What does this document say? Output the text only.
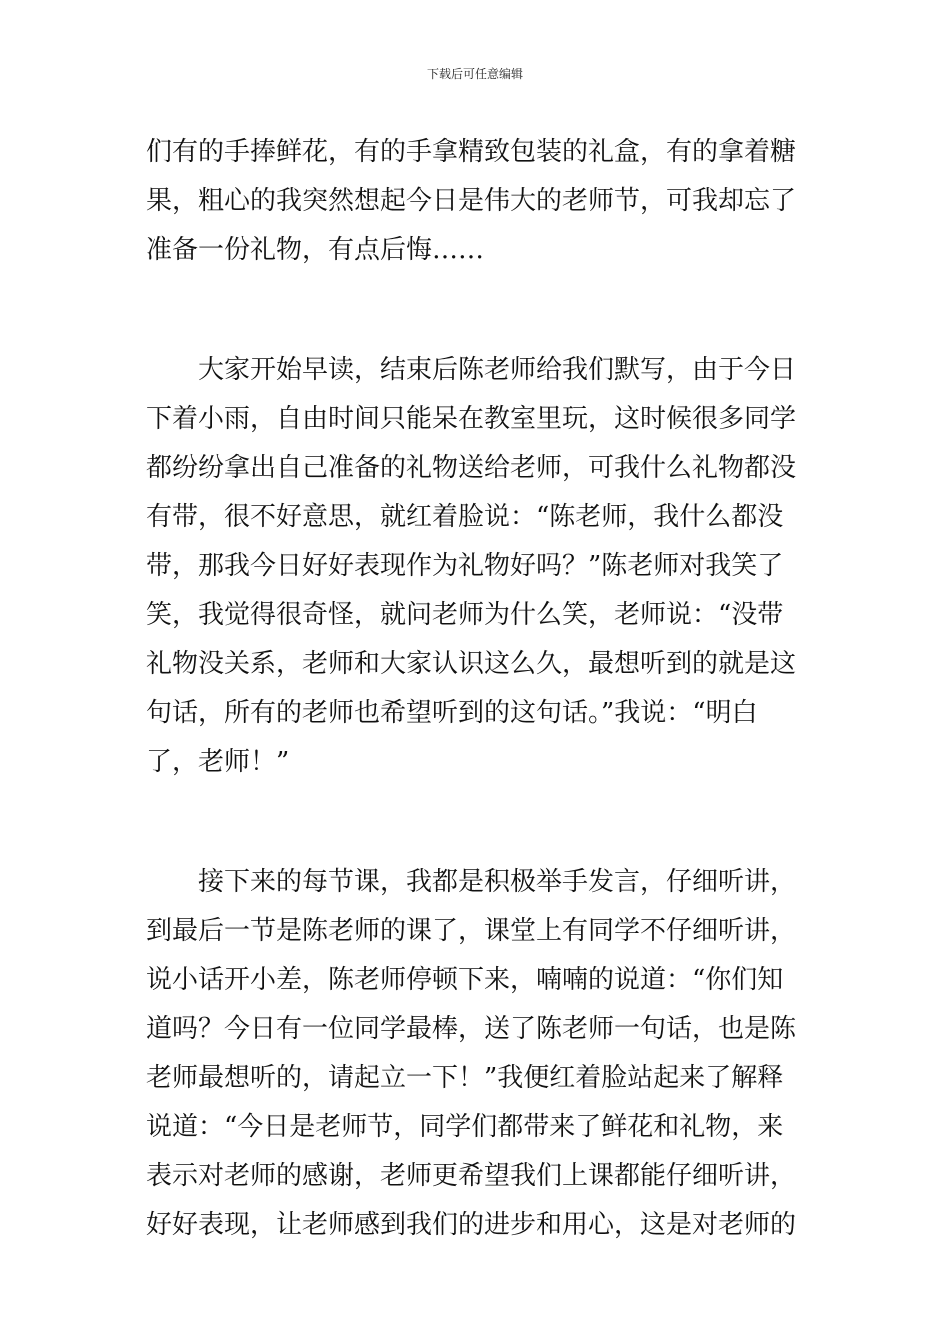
下载后可任意编辑
们有的手捧鲜花，有的手拿精致包装的礼盒，有的拿着糖
果，粗心的我突然想起今日是伟大的老师节，可我却忘了
准备一份礼物，有点后悔……
　　大家开始早读，结束后陈老师给我们默写，由于今日
下着小雨，自由时间只能呆在教室里玩，这时候很多同学
都纷纷拿出自己准备的礼物送给老师，可我什么礼物都没
有带，很不好意思，就红着脸说：“陈老师，我什么都没
带，那我今日好好表现作为礼物好吗？”陈老师对我笑了
笑，我觉得很奇怪，就问老师为什么笑，老师说：“没带
礼物没关系，老师和大家认识这么久，最想听到的就是这
句话，所有的老师也希望听到的这句话。”我说：“明白
了，老师！”
　　接下来的每节课，我都是积极举手发言，仔细听讲，
到最后一节是陈老师的课了，课堂上有同学不仔细听讲，
说小话开小差，陈老师停顿下来，喃喃的说道：“你们知
道吗？今日有一位同学最棒，送了陈老师一句话，也是陈
老师最想听的，请起立一下！”我便红着脸站起来了解释
说道：“今日是老师节，同学们都带来了鲜花和礼物，来
表示对老师的感谢，老师更希望我们上课都能仔细听讲，
好好表现，让老师感到我们的进步和用心，这是对老师的
